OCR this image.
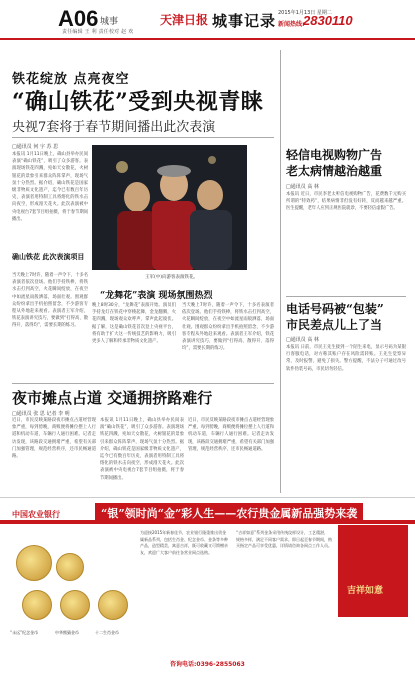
A06 城事
责任编辑 王 利 责任校对 赵 欢
天津日报 城事记录 2015年1月13日 星期二
新闻热线:
2830110
铁花绽放 点亮夜空
“确山铁花”受到央视青睐
央视7套将于春节期间播出此次表演
□通讯员 何 宇 苏 思
本报讯 1月11日晚上，确山县举办民间表演“确山铁花”，吸引了众多游客。表演现场铁花四溅，宛如天女散花，火树银花的景象引来群众阵阵掌声，现场气氛十分热烈。据介绍，确山铁花是国家级非物质文化遗产，迄今已有数百年历史，表演者用特制工具将熔化的铁水击向夜空，形成漫天花火。此次表演被中央电视台7套节目组拍摄，将于春节期间播出。
确山铁花 此次表演项目
当天晚上7时许，随着一声令下，十多名表演者依次登场。他们手持铁棒，将铁水击打到高空，火花瞬间绽放，在夜空中如流星雨般洒落，场面壮观。围观群众纷纷拿出手机拍照留念，不少游客专程从外地赶来观看。表演者王军介绍，铁花表演讲究技巧，要做到“打得高、散得开、落得均”，需要长期的练习。
王军(中)向游客表演铁花。
“龙舞花”表演 现场氛围热烈
晚上8时30分，“龙舞花”表演开始。演员们手持龙灯在铁花中穿梭起舞，金龙翻腾，火花四溅，现场观众欢呼声、掌声此起彼伏。据了解，这是确山铁花首次登上央视平台，将有助于扩大这一传统技艺的影响力，吸引更多人了解和传承非物质文化遗产。
当天晚上7时许，随着一声令下，十多名表演者依次登场。他们手持铁棒，将铁水击打到高空，火花瞬间绽放，在夜空中如流星雨般洒落，场面壮观。围观群众纷纷拿出手机拍照留念，不少游客专程从外地赶来观看。表演者王军介绍，铁花表演讲究技巧，要做到“打得高、散得开、落得均”，需要长期的练习。
夜市摊点占道 交通拥挤路难行
□通讯员 张 思 记者 李 明
近日，市民反映某路段夜市摊点占道经营现象严重，每到傍晚，商贩便将摊位摆上人行道和机动车道，车辆行人通行困难。记者走访发现，该路段交通拥堵严重，希望有关部门加强管理，规范经营秩序，还市民畅通道路。
本报讯 1月11日晚上，确山县举办民间表演“确山铁花”，吸引了众多游客。表演现场铁花四溅，宛如天女散花，火树银花的景象引来群众阵阵掌声，现场气氛十分热烈。据介绍，确山铁花是国家级非物质文化遗产，迄今已有数百年历史，表演者用特制工具将熔化的铁水击向夜空，形成漫天花火。此次表演被中央电视台7套节目组拍摄，将于春节期间播出。
近日，市民反映某路段夜市摊点占道经营现象严重，每到傍晚，商贩便将摊位摆上人行道和机动车道，车辆行人通行困难。记者走访发现，该路段交通拥堵严重，希望有关部门加强管理，规范经营秩序，还市民畅通道路。
轻信电视购物广告
老太病情越治越重
□通讯员 高 林
本报讯 近日，市民李老太听信电视购物广告，花费数千元购买所谓的“特效药”，结果病情非但没有好转，反而越来越严重。医生提醒，老年人应到正规医院就诊，不要轻信虚假广告。
电话号码被“包装”
市民差点儿上了当
□通讯员 高 林
本报讯 日前，市民王先生接到一个陌生来电，显示号码为某银行客服电话，对方称其账户存在风险需转账。王先生觉察异常，及时报警，避免了损失。警方提醒，不法分子可通过改号软件伪装号码，市民切勿轻信。
中国农业银行	“银”领时尚“金”彩人生——农行贵金属新品强势来袭
“永远”纪念金币	中华熊猫金币	十二生肖金币
为迎接2015年新春佳节，农业银行隆重推出贵金属新品系列，包括生肖金、纪念金币、金条等多种产品，造型精美，寓意吉祥，既可收藏又可馈赠亲友，欢迎广大客户前往各营业网点选购。
“吉祥如意”系列金条采用传统纹样设计，工艺精湛，规格多样，满足不同客户需求。即日起至春节期间，购买指定产品可享受优惠，详情请咨询各网点工作人员。
吉祥如意
咨询电话:0396-2855063
